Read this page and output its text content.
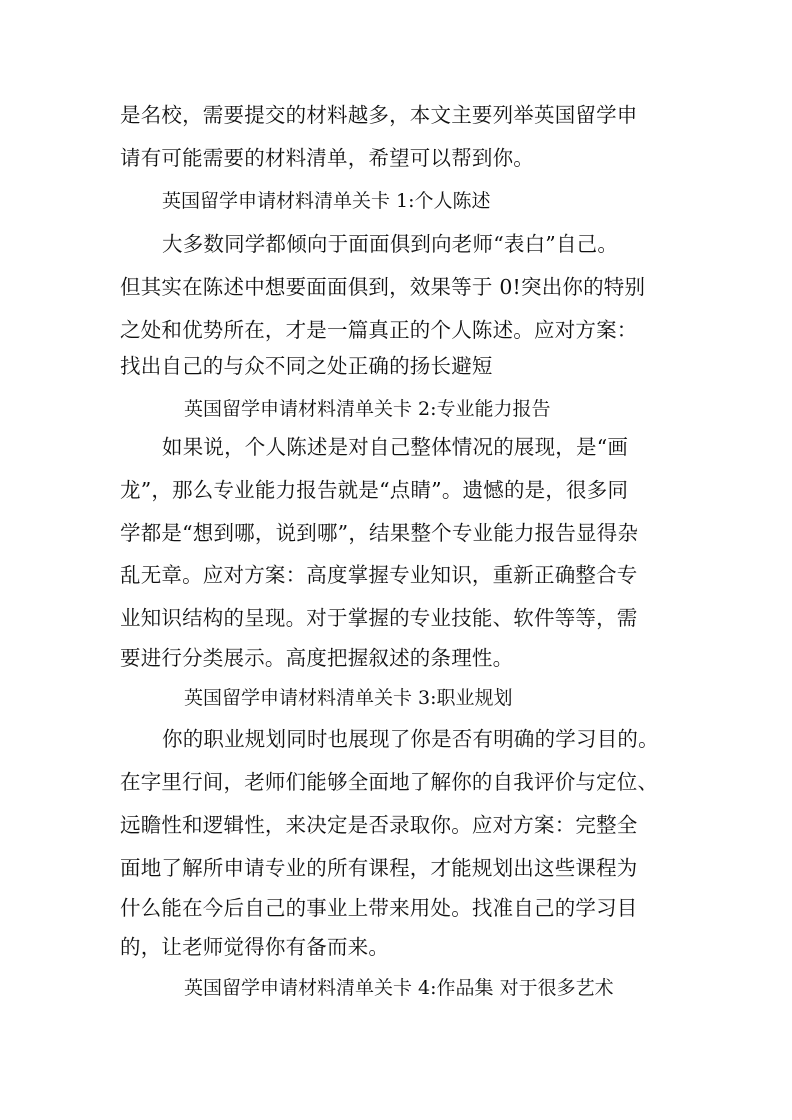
是名校，需要提交的材料越多，本文主要列举英国留学申
请有可能需要的材料清单，希望可以帮到你。
英国留学申请材料清单关卡 1:个人陈述
大多数同学都倾向于面面俱到向老师“表白”自己。
但其实在陈述中想要面面俱到，效果等于 0!突出你的特别
之处和优势所在，才是一篇真正的个人陈述。应对方案：
找出自己的与众不同之处正确的扬长避短
英国留学申请材料清单关卡 2:专业能力报告
如果说，个人陈述是对自己整体情况的展现，是“画
龙”，那么专业能力报告就是“点睛”。遗憾的是，很多同
学都是“想到哪，说到哪”，结果整个专业能力报告显得杂
乱无章。应对方案：高度掌握专业知识，重新正确整合专
业知识结构的呈现。对于掌握的专业技能、软件等等，需
要进行分类展示。高度把握叙述的条理性。
英国留学申请材料清单关卡 3:职业规划
你的职业规划同时也展现了你是否有明确的学习目的。
在字里行间，老师们能够全面地了解你的自我评价与定位、
远瞻性和逻辑性，来决定是否录取你。应对方案：完整全
面地了解所申请专业的所有课程，才能规划出这些课程为
什么能在今后自己的事业上带来用处。找准自己的学习目
的，让老师觉得你有备而来。
英国留学申请材料清单关卡 4:作品集 对于很多艺术
